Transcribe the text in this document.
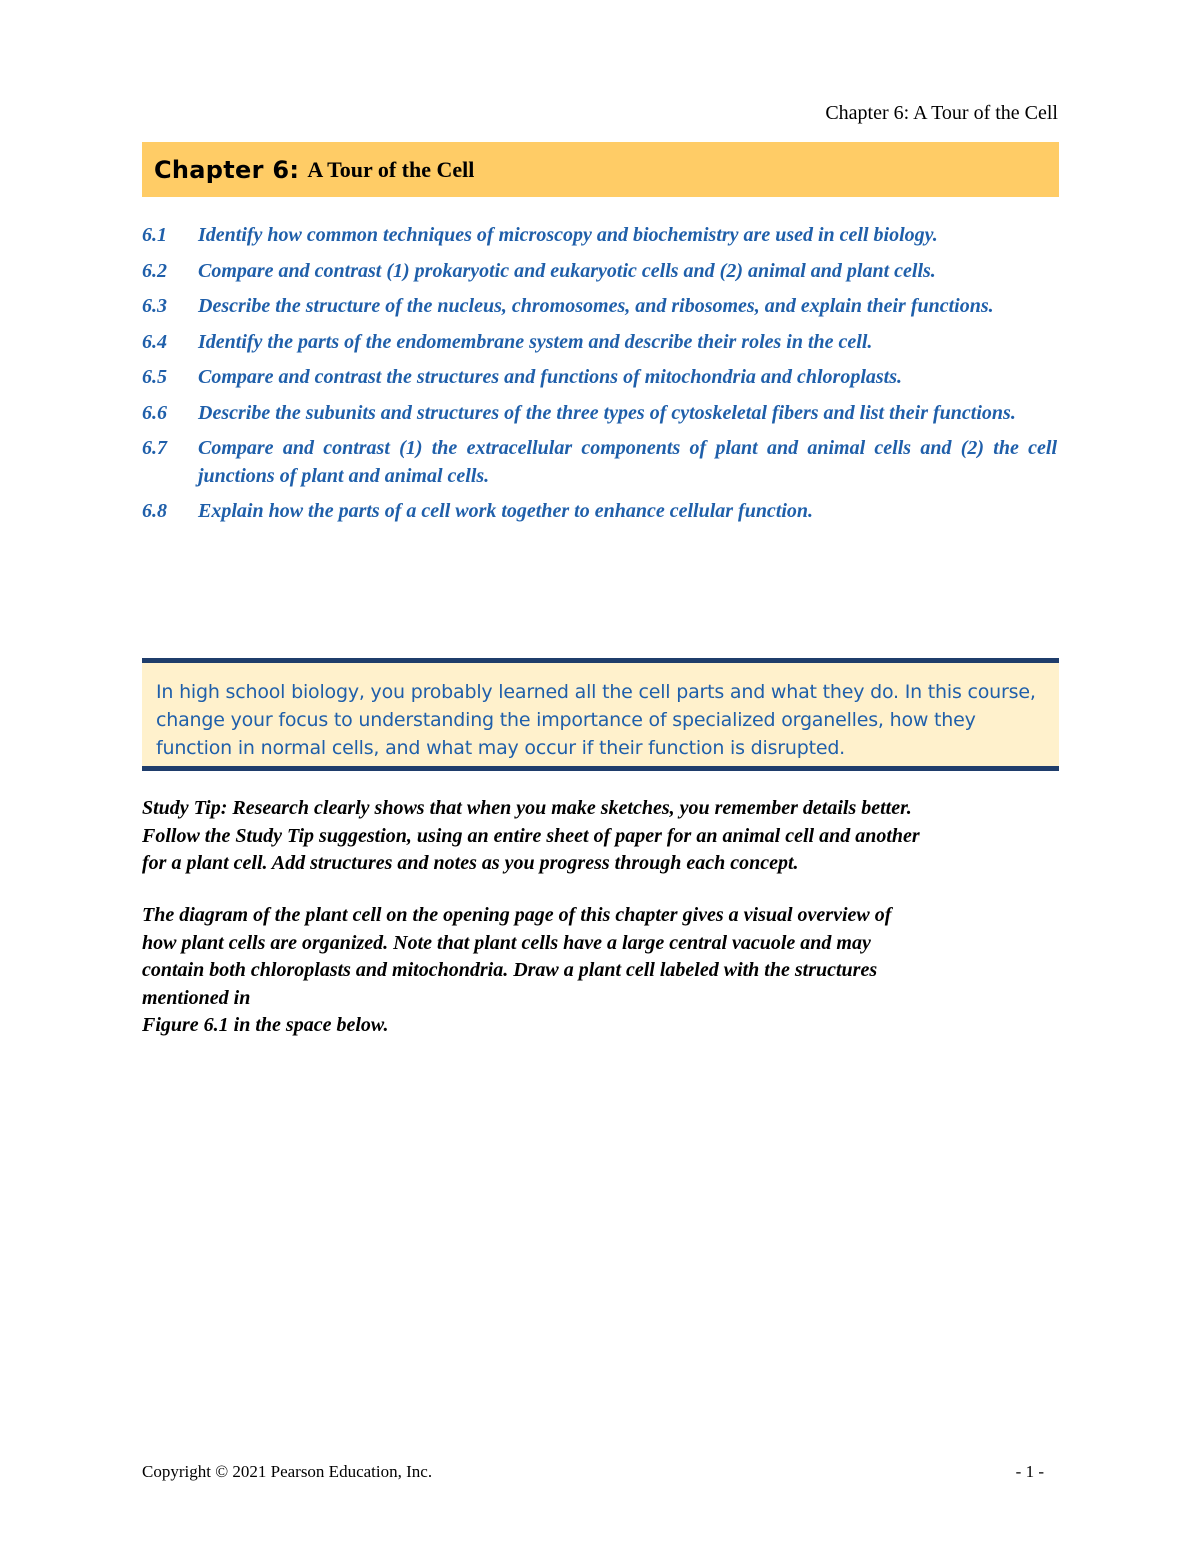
Chapter 6: A Tour of the Cell
Chapter 6: A Tour of the Cell
6.1	Identify how common techniques of microscopy and biochemistry are used in cell biology.
6.2	Compare and contrast (1) prokaryotic and eukaryotic cells and (2) animal and plant cells.
6.3	Describe the structure of the nucleus, chromosomes, and ribosomes, and explain their functions.
6.4	Identify the parts of the endomembrane system and describe their roles in the cell.
6.5	Compare and contrast the structures and functions of mitochondria and chloroplasts.
6.6	Describe the subunits and structures of the three types of cytoskeletal fibers and list their functions.
6.7	Compare and contrast (1) the extracellular components of plant and animal cells and (2) the cell junctions of plant and animal cells.
6.8	Explain how the parts of a cell work together to enhance cellular function.
In high school biology, you probably learned all the cell parts and what they do. In this course,
change your focus to understanding the importance of specialized organelles, how they
function in normal cells, and what may occur if their function is disrupted.
Study Tip: Research clearly shows that when you make sketches, you remember details better.
Follow the Study Tip suggestion, using an entire sheet of paper for an animal cell and another
for a plant cell. Add structures and notes as you progress through each concept.
The diagram of the plant cell on the opening page of this chapter gives a visual overview of
how plant cells are organized. Note that plant cells have a large central vacuole and may
contain both chloroplasts and mitochondria. Draw a plant cell labeled with the structures
mentioned in
Figure 6.1 in the space below.
Copyright © 2021 Pearson Education, Inc.	- 1 -
